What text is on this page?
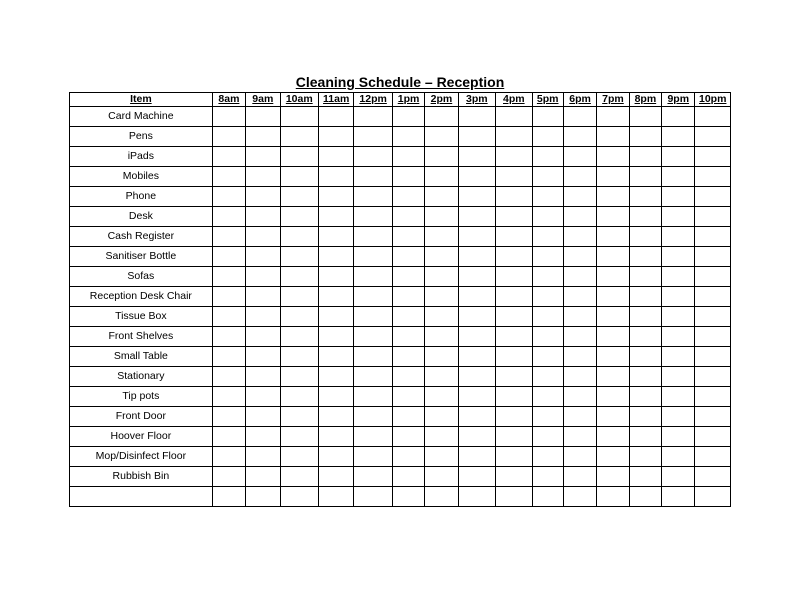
Cleaning Schedule – Reception
Item	8am	9am	10am	11am	12pm	1pm	2pm	3pm	4pm	5pm	6pm	7pm	8pm	9pm	10pm
Card Machine															
Pens															
iPads															
Mobiles															
Phone															
Desk															
Cash Register															
Sanitiser Bottle															
Sofas															
Reception Desk Chair															
Tissue Box															
Front Shelves															
Small Table															
Stationary															
Tip pots															
Front Door															
Hoover Floor															
Mop/Disinfect Floor															
Rubbish Bin															
